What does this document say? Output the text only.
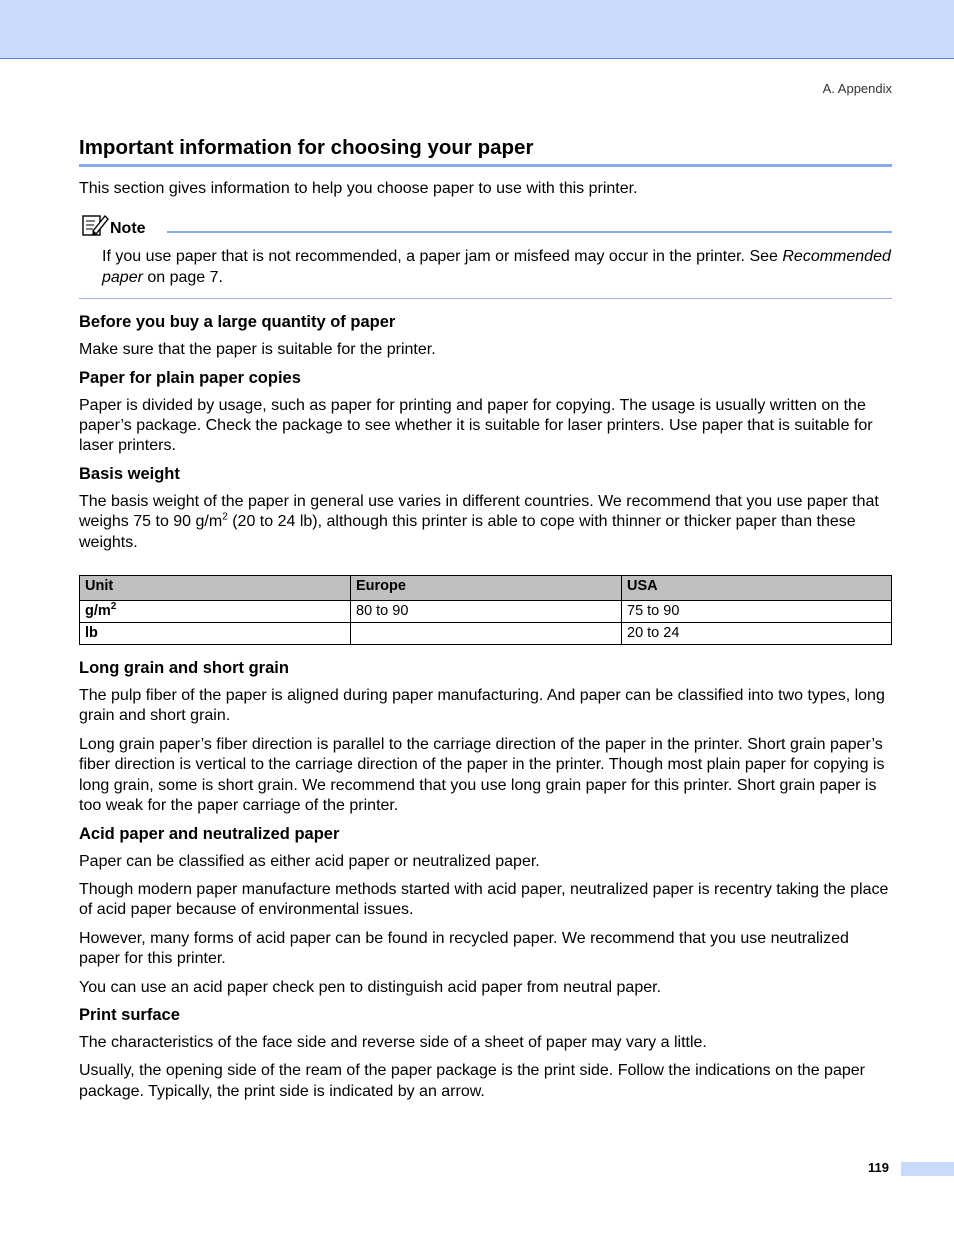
A. Appendix
Important information for choosing your paper

This section gives information to help you choose paper to use with this printer.

Note

If you use paper that is not recommended, a paper jam or misfeed may occur in the printer. See Recommended paper on page 7.

Before you buy a large quantity of paper

Make sure that the paper is suitable for the printer.

Paper for plain paper copies

Paper is divided by usage, such as paper for printing and paper for copying. The usage is usually written on the paper’s package. Check the package to see whether it is suitable for laser printers. Use paper that is suitable for laser printers.

Basis weight

The basis weight of the paper in general use varies in different countries. We recommend that you use paper that weighs 75 to 90 $g/m^2$ (20 to 24 lb), although this printer is able to cope with thinner or thicker paper than these weights.

Unit	Europe	USA
$g/m^2$	80 to 90	75 to 90
lb		20 to 24
Long grain and short grain

The pulp fiber of the paper is aligned during paper manufacturing. And paper can be classified into two types, long grain and short grain.

Long grain paper’s fiber direction is parallel to the carriage direction of the paper in the printer. Short grain paper’s fiber direction is vertical to the carriage direction of the paper in the printer. Though most plain paper for copying is long grain, some is short grain. We recommend that you use long grain paper for this printer. Short grain paper is too weak for the paper carriage of the printer.

Acid paper and neutralized paper

Paper can be classified as either acid paper or neutralized paper.

Though modern paper manufacture methods started with acid paper, neutralized paper is recentry taking the place of acid paper because of environmental issues.

However, many forms of acid paper can be found in recycled paper. We recommend that you use neutralized paper for this printer.

You can use an acid paper check pen to distinguish acid paper from neutral paper.

Print surface

The characteristics of the face side and reverse side of a sheet of paper may vary a little.

Usually, the opening side of the ream of the paper package is the print side. Follow the indications on the paper package. Typically, the print side is indicated by an arrow.

119
